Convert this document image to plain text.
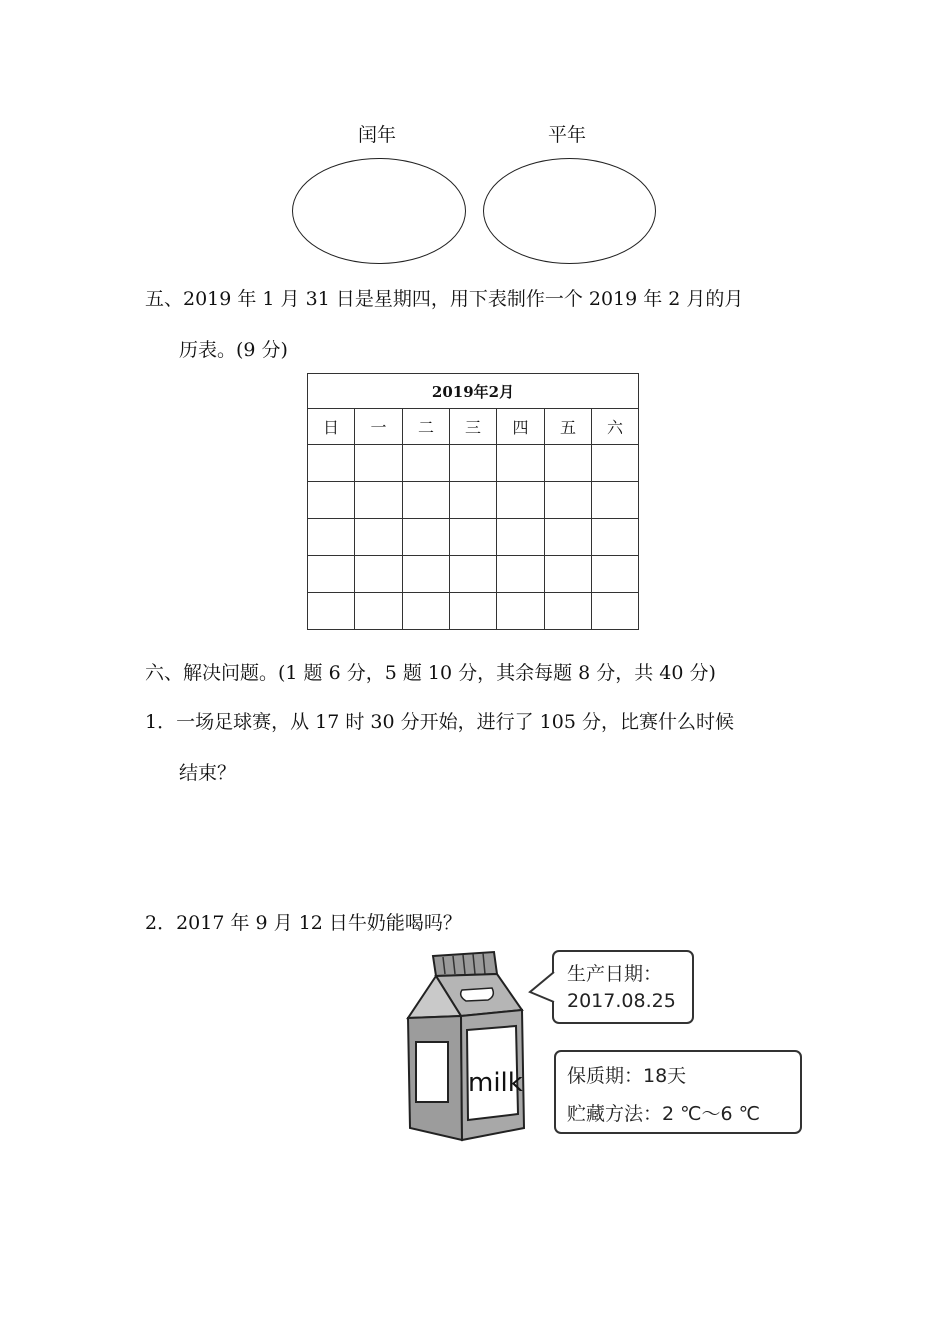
闰年	平年
五、2019 年 1 月 31 日是星期四，用下表制作一个 2019 年 2 月的月
历表。(9 分)
2019年2月						
日	一	二	三	四	五	六

六、解决问题。(1 题 6 分，5 题 10 分，其余每题 8 分，共 40 分)
1．一场足球赛，从 17 时 30 分开始，进行了 105 分，比赛什么时候
结束？
2．2017 年 9 月 12 日牛奶能喝吗？
milk
生产日期：
2017.08.25
保质期：18天
贮藏方法：2 ℃～6 ℃
